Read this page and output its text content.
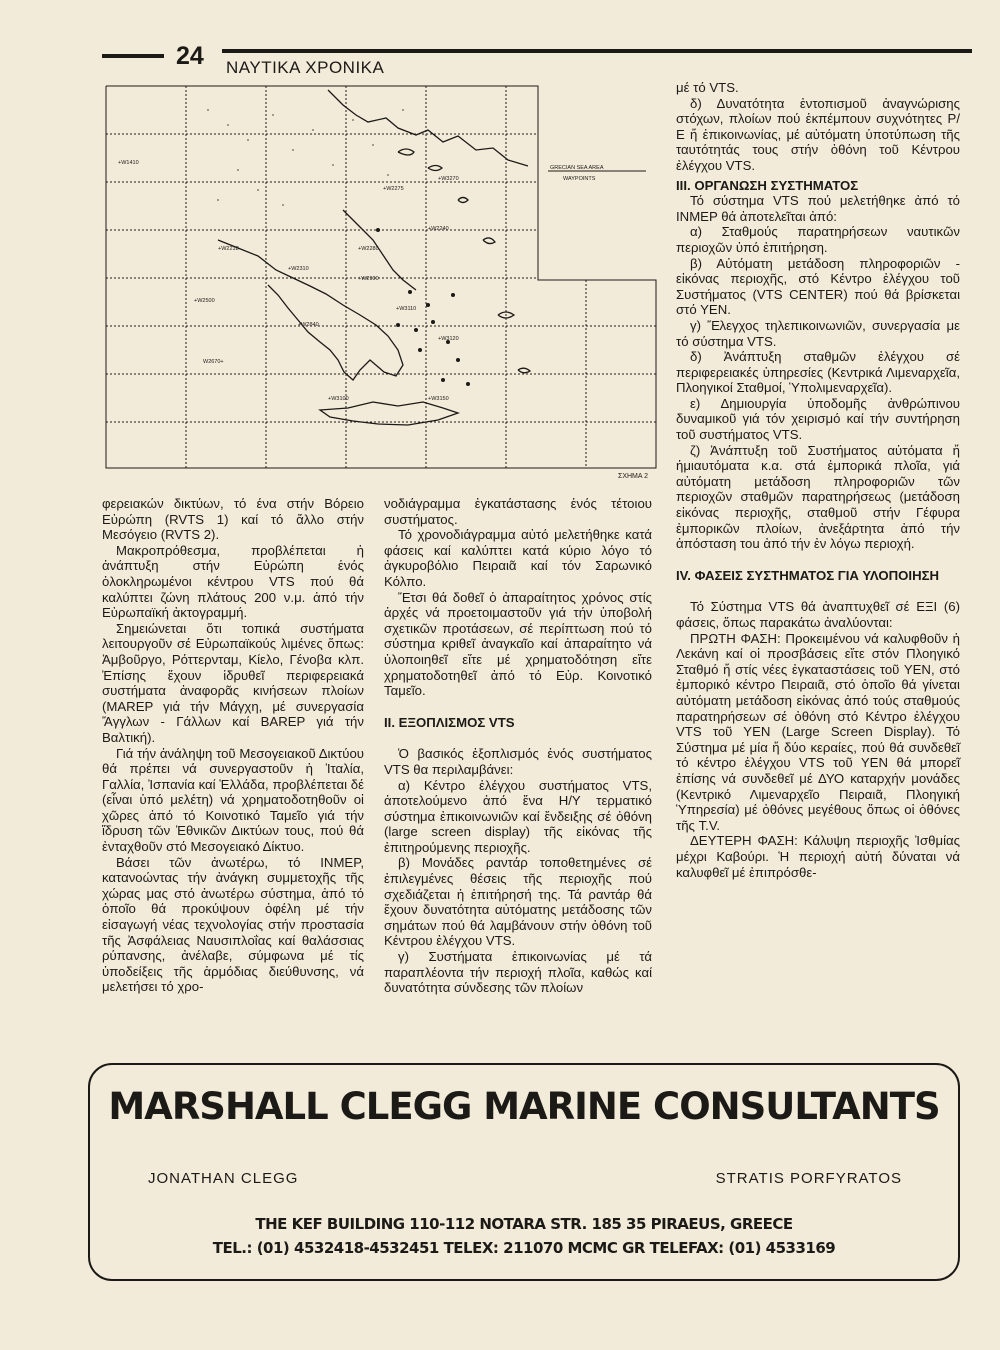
24 ΝΑΥΤΙΚΑ ΧΡΟΝΙΚΑ
+W1410
+W2218	+W2280
+W2310
+W2275
+W3270
+W2500
W2670+
+W2840
+W3100	+W3150
+W3110
+W3120
+W2900
+W2240
GRECIAN SEA AREA
WAYPOINTS
ΣΧΗΜΑ 2

φερειακών δικτύων, τό ένα στήν Βόρειο Εὐρώπη (RVTS 1) καί τό ἄλλο στήν Μεσόγειο (RVTS 2).

Μακροπρόθεσμα, προβλέπεται ἡ ἀνάπτυξη στήν Εὐρώπη ἑνός ὁλοκληρωμένοι κέντρου VTS πού θά καλύπτει ζώνη πλάτους 200 ν.μ. ἀπό τήν Εὐρωπαϊκή ἀκτογραμμή.

Σημειώνεται ὅτι τοπικά συστήματα λειτουργοῦν σέ Εὐρωπαϊκούς λιμένες ὅπως: Ἀμβοῦργο, Ρόττερνταμ, Κίελο, Γένοβα κλπ. Ἐπίσης ἔχουν ἱδρυθεῖ περιφερειακά συστήματα ἀναφορᾶς κινήσεων πλοίων (MAREP γιά τήν Μάγχη, μέ συνεργασία Ἄγγλων - Γάλλων καί BAREP γιά τήν Βαλτική).

Γιά τήν ἀνάληψη τοῦ Μεσογειακοῦ Δικτύου θά πρέπει νά συνεργαστοῦν ἡ Ἰταλία, Γαλλία, Ἰσπανία καί Ἑλλάδα, προβλέπεται δέ (εἶναι ὑπό μελέτη) νά χρηματοδοτηθοῦν οἱ χῶρες ἀπό τό Κοινοτικό Ταμεῖο γιά τήν ἵδρυση τῶν Ἐθνικῶν Δικτύων τους, πού θά ἐνταχθοῦν στό Μεσογειακό Δίκτυο.

Βάσει τῶν ἀνωτέρω, τό INMEP, κατανοώντας τήν ἀνάγκη συμμετοχῆς τῆς χώρας μας στό ἀνωτέρω σύστημα, ἀπό τό ὁποῖο θά προκύψουν ὀφέλη μέ τήν εἰσαγωγή νέας τεχνολογίας στήν προστασία τῆς Ἀσφάλειας Ναυσιπλοΐας καί θαλάσσιας ρύπανσης, ἀνέλαβε, σύμφωνα μέ τίς ὑποδείξεις τῆς ἁρμόδιας διεύθυνσης, νά μελετήσει τό χρο-

νοδιάγραμμα ἐγκατάστασης ἑνός τέτοιου συστήματος.

Τό χρονοδιάγραμμα αὐτό μελετήθηκε κατά φάσεις καί καλύπτει κατά κύριο λόγο τό ἀγκυροβόλιο Πειραιᾶ καί τόν Σαρωνικό Κόλπο.

Ἔτσι θά δοθεῖ ὁ ἀπαραίτητος χρόνος στίς ἀρχές νά προετοιμαστοῦν γιά τήν ὑποβολή σχετικῶν προτάσεων, σέ περίπτωση πού τό σύστημα κριθεῖ ἀναγκαῖο καί ἀπαραίτητο νά ὑλοποιηθεῖ εἴτε μέ χρηματοδότηση εἴτε χρηματοδοτηθεῖ ἀπό τό Εὐρ. Κοινοτικό Ταμεῖο.

II. ΕΞΟΠΛΙΣΜΟΣ VTS

Ὁ βασικός ἐξοπλισμός ἑνός συστήματος VTS θα περιλαμβάνει:

α) Κέντρο ἐλέγχου συστήματος VTS, ἀποτελούμενο ἀπό ἕνα Η/Υ τερματικό σύστημα ἐπικοινωνιῶν καί ἔνδειξης σέ ὀθόνη (large screen display) τῆς εἰκόνας τῆς ἐπιτηρούμενης περιοχῆς.

β) Μονάδες ραντάρ τοποθετημένες σέ ἐπιλεγμένες θέσεις τῆς περιοχῆς πού σχεδιάζεται ἡ ἐπιτήρησή της. Τά ραντάρ θά ἔχουν δυνατότητα αὐτόματης μετάδοσης τῶν σημάτων πού θά λαμβάνουν στήν ὀθόνη τοῦ Κέντρου ἐλέγχου VTS.

γ) Συστήματα ἐπικοινωνίας μέ τά παραπλέοντα τήν περιοχή πλοῖα, καθώς καί δυνατότητα σύνδεσης τῶν πλοίων

μέ τό VTS.

δ) Δυνατότητα ἐντοπισμοῦ ἀναγνώρισης στόχων, πλοίων πού ἐκπέμπουν συχνότητες Ρ/Ε ἤ ἐπικοινωνίας, μέ αὐτόματη ὑποτύπωση τῆς ταυτότητάς τους στήν ὀθόνη τοῦ Κέντρου ἐλέγχου VTS.

III. ΟΡΓΑΝΩΣΗ ΣΥΣΤΗΜΑΤΟΣ

Τό σύστημα VTS πού μελετήθηκε ἀπό τό INMEP θά ἀποτελεῖται ἀπό:

α) Σταθμούς παρατηρήσεων ναυτικῶν περιοχῶν ὑπό ἐπιτήρηση.

β) Αὐτόματη μετάδοση πληροφοριῶν - εἰκόνας περιοχῆς, στό Κέντρο ἐλέγχου τοῦ Συστήματος (VTS CENTER) πού θά βρίσκεται στό ΥΕΝ.

γ) Ἔλεγχος τηλεπικοινωνιῶν, συνεργασία με τό σύστημα VTS.

δ) Ἀνάπτυξη σταθμῶν ἐλέγχου σέ περιφερειακές ὑπηρεσίες (Κεντρικά Λιμεναρχεῖα, Πλοηγικοί Σταθμοί, Ὑπολιμεναρχεῖα).

ε) Δημιουργία ὑποδομῆς ἀνθρώπινου δυναμικοῦ γιά τόν χειρισμό καί τήν συντήρηση τοῦ συστήματος VTS.

ζ) Ἀνάπτυξη τοῦ Συστήματος αὐτόματα ἤ ἡμιαυτόματα κ.α. στά ἐμπορικά πλοῖα, γιά αὐτόματη μετάδοση πληροφοριῶν τῶν περιοχῶν σταθμῶν παρατηρήσεως (μετάδοση εἰκόνας περιοχῆς, σταθμοῦ στήν Γέφυρα ἐμπορικῶν πλοίων, ἀνεξάρτητα ἀπό τήν ἀπόσταση τοu ἀπό τήν ἐν λόγω περιοχή.

IV. ΦΑΣΕΙΣ ΣΥΣΤΗΜΑΤΟΣ ΓΙΑ ΥΛΟΠΟΙΗΣΗ

Τό Σύστημα VTS θά ἀναπτυχθεῖ σέ ΕΞΙ (6) φάσεις, ὅπως παρακάτω ἀναλύονται:

ΠΡΩΤΗ ΦΑΣΗ: Προκειμένου νά καλυφθοῦν ἡ Λεκάνη καί οἱ προσβάσεις εἴτε στόν Πλοηγικό Σταθμό ἤ στίς νέες ἐγκαταστάσεις τοῦ ΥΕΝ, στό ἐμπορικό κέντρο Πειραιᾶ, στό ὁποῖο θά γίνεται αὐτόματη μετάδοση εἰκόνας ἀπό τούς σταθμούς παρατηρήσεων σέ ὀθόνη στό Κέντρο ἐλέγχου VTS τοῦ ΥΕΝ (Large Screen Display). Τό Σύστημα μέ μία ἤ δύο κεραίες, πού θά συνδεθεῖ τό κέντρο ἐλέγχου VTS τοῦ ΥΕΝ θά μπορεῖ ἐπίσης νά συνδεθεῖ μέ ΔΥΟ καταρχήν μονάδες (Κεντρικό Λιμεναρχεῖο Πειραιᾶ, Πλοηγική Ὑπηρεσία) μέ ὀθόνες μεγέθους ὅπως οἱ ὀθόνες τῆς T.V.

ΔΕΥΤΕΡΗ ΦΑΣΗ: Κάλυψη περιοχῆς Ἰσθμίας μέχρι Καβούρι. Ἡ περιοχή αὐτή δύναται νά καλυφθεῖ μέ ἐπιπρόσθε-

MARSHALL CLEGG MARINE CONSULTANTS
JONATHAN CLEGG	STRATIS PORFYRATOS
THE KEF BUILDING 110-112 NOTARA STR. 185 35 PIRAEUS, GREECE
TEL.: (01) 4532418-4532451 TELEX: 211070 MCMC GR TELEFAX: (01) 4533169
